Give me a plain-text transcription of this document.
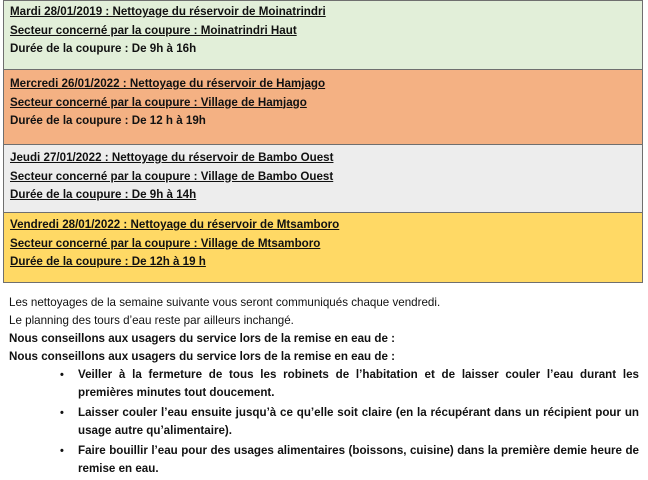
Mardi 28/01/2019 : Nettoyage du réservoir de Moinatrindri
Secteur concerné par la coupure : Moinatrindri Haut
Durée de la coupure : De 9h à 16h
Mercredi 26/01/2022 : Nettoyage du réservoir de Hamjago
Secteur concerné par la coupure : Village de Hamjago
Durée de la coupure : De 12 h à 19h
Jeudi 27/01/2022 : Nettoyage du réservoir de Bambo Ouest
Secteur concerné par la coupure : Village de Bambo Ouest
Durée de la coupure : De 9h à 14h
Vendredi 28/01/2022 : Nettoyage du réservoir de Mtsamboro
Secteur concerné par la coupure : Village de Mtsamboro
Durée de la coupure : De 12h à 19 h
Les nettoyages de la semaine suivante vous seront communiqués chaque vendredi.
Le planning des tours d’eau reste par ailleurs inchangé.
Nous conseillons aux usagers du service lors de la remise en eau de :
Nous conseillons aux usagers du service lors de la remise en eau de :
• Veiller à la fermeture de tous les robinets de l’habitation et de laisser couler l’eau durant les premières minutes tout doucement.
• Laisser couler l’eau ensuite jusqu’à ce qu’elle soit claire (en la récupérant dans un récipient pour un usage autre qu’alimentaire).
• Faire bouillir l’eau pour des usages alimentaires (boissons, cuisine) dans la première demie heure de remise en eau.
